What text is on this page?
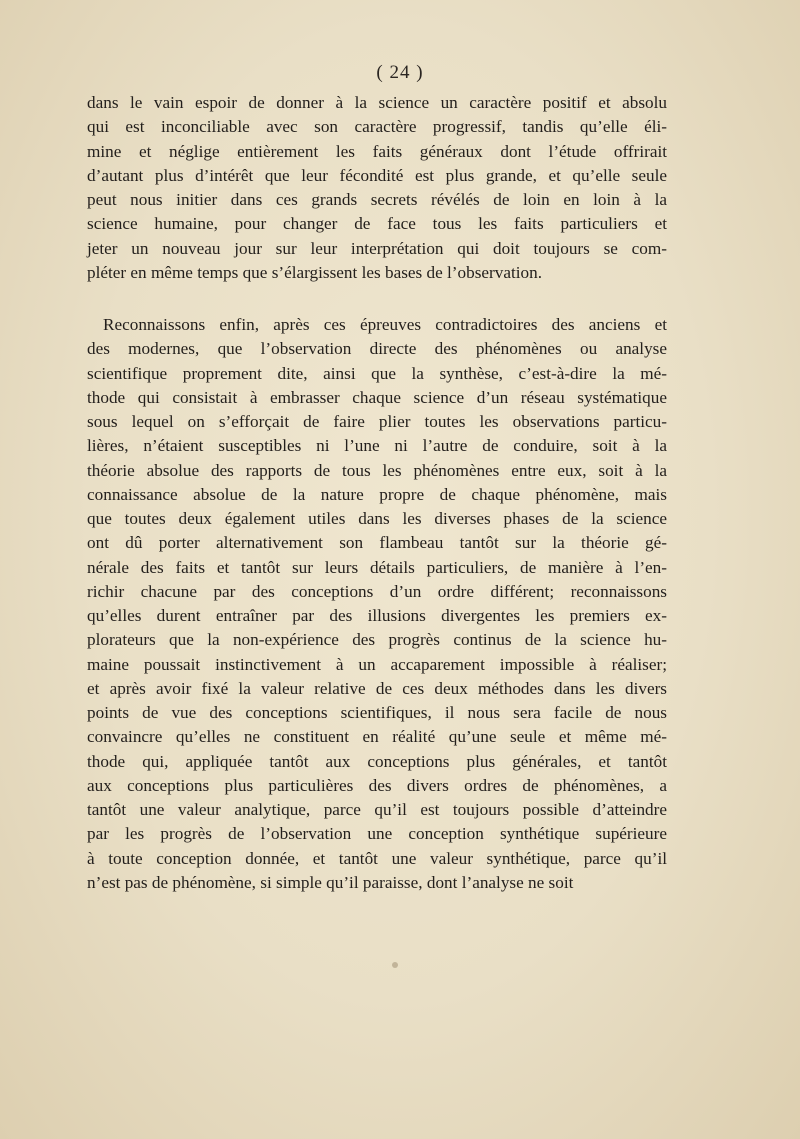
( 24 )
dans le vain espoir de donner à la science un caractère positif et absolu
qui est inconciliable avec son caractère progressif, tandis qu’elle éli-
mine et néglige entièrement les faits généraux dont l’étude offrirait
d’autant plus d’intérêt que leur fécondité est plus grande, et qu’elle seule
peut nous initier dans ces grands secrets révélés de loin en loin à la
science humaine, pour changer de face tous les faits particuliers et
jeter un nouveau jour sur leur interprétation qui doit toujours se com-
pléter en même temps que s’élargissent les bases de l’observation.
Reconnaissons enfin, après ces épreuves contradictoires des anciens et
des modernes, que l’observation directe des phénomènes ou analyse
scientifique proprement dite, ainsi que la synthèse, c’est-à-dire la mé-
thode qui consistait à embrasser chaque science d’un réseau systématique
sous lequel on s’efforçait de faire plier toutes les observations particu-
lières, n’étaient susceptibles ni l’une ni l’autre de conduire, soit à la
théorie absolue des rapports de tous les phénomènes entre eux, soit à la
connaissance absolue de la nature propre de chaque phénomène, mais
que toutes deux également utiles dans les diverses phases de la science
ont dû porter alternativement son flambeau tantôt sur la théorie gé-
nérale des faits et tantôt sur leurs détails particuliers, de manière à l’en-
richir chacune par des conceptions d’un ordre différent; reconnaissons
qu’elles durent entraîner par des illusions divergentes les premiers ex-
plorateurs que la non-expérience des progrès continus de la science hu-
maine poussait instinctivement à un accaparement impossible à réaliser;
et après avoir fixé la valeur relative de ces deux méthodes dans les divers
points de vue des conceptions scientifiques, il nous sera facile de nous
convaincre qu’elles ne constituent en réalité qu’une seule et même mé-
thode qui, appliquée tantôt aux conceptions plus générales, et tantôt
aux conceptions plus particulières des divers ordres de phénomènes, a
tantôt une valeur analytique, parce qu’il est toujours possible d’atteindre
par les progrès de l’observation une conception synthétique supérieure
à toute conception donnée, et tantôt une valeur synthétique, parce qu’il
n’est pas de phénomène, si simple qu’il paraisse, dont l’analyse ne soit
